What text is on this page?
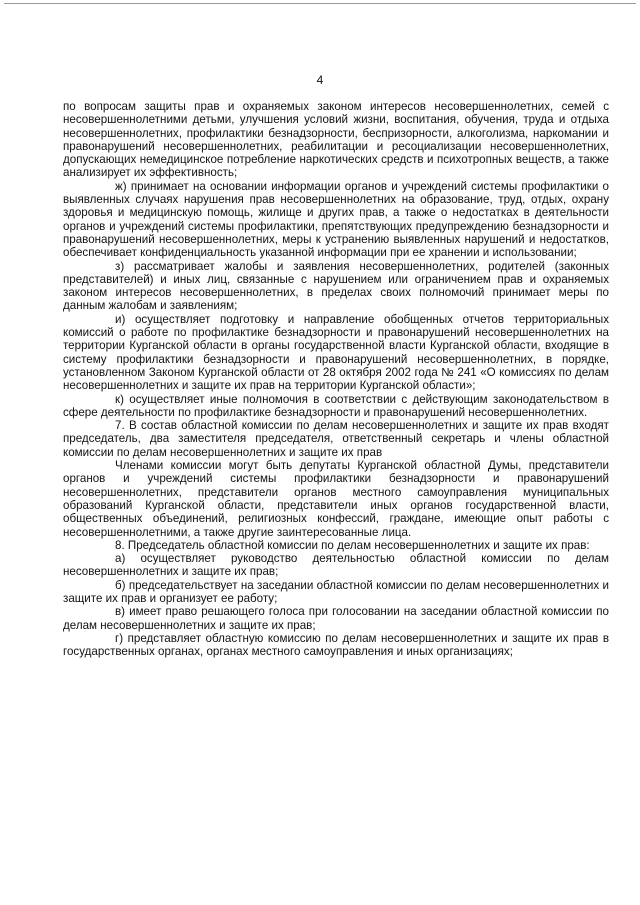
4

по вопросам защиты прав и охраняемых законом интересов несовершеннолетних, семей с несовершеннолетними детьми, улучшения условий жизни, воспитания, обучения, труда и отдыха несовершеннолетних, профилактики безнадзорности, беспризорности, алкоголизма, наркомании и правонарушений несовершеннолетних, реабилитации и ресоциализации несовершеннолетних, допускающих немедицинское потребление наркотических средств и психотропных веществ, а также анализирует их эффективность;

ж) принимает на основании информации органов и учреждений системы профилактики о выявленных случаях нарушения прав несовершеннолетних на образование, труд, отдых, охрану здоровья и медицинскую помощь, жилище и других прав, а также о недостатках в деятельности органов и учреждений системы профилактики, препятствующих предупреждению безнадзорности и правонарушений несовершеннолетних, меры к устранению выявленных нарушений и недостатков, обеспечивает конфиденциальность указанной информации при ее хранении и использовании;

з) рассматривает жалобы и заявления несовершеннолетних, родителей (законных представителей) и иных лиц, связанные с нарушением или ограничением прав и охраняемых законом интересов несовершеннолетних, в пределах своих полномочий принимает меры по данным жалобам и заявлениям;

и) осуществляет подготовку и направление обобщенных отчетов территориальных комиссий о работе по профилактике безнадзорности и правонарушений несовершеннолетних на территории Курганской области в органы государственной власти Курганской области, входящие в систему профилактики безнадзорности и правонарушений несовершеннолетних, в порядке, установленном Законом Курганской области от 28 октября 2002 года № 241 «О комиссиях по делам несовершеннолетних и защите их прав на территории Курганской области»;

к) осуществляет иные полномочия в соответствии с действующим законодательством в сфере деятельности по профилактике безнадзорности и правонарушений несовершеннолетних.

7. В состав областной комиссии по делам несовершеннолетних и защите их прав входят председатель, два заместителя председателя, ответственный секретарь и члены областной комиссии по делам несовершеннолетних и защите их прав

Членами комиссии могут быть депутаты Курганской областной Думы, представители органов и учреждений системы профилактики безнадзорности и правонарушений несовершеннолетних, представители органов местного самоуправления муниципальных образований Курганской области, представители иных органов государственной власти, общественных объединений, религиозных конфессий, граждане, имеющие опыт работы с несовершеннолетними, а также другие заинтересованные лица.

8. Председатель областной комиссии по делам несовершеннолетних и защите их прав:

а) осуществляет руководство деятельностью областной комиссии по делам несовершеннолетних и защите их прав;

б) председательствует на заседании областной комиссии по делам несовершеннолетних и защите их прав и организует ее работу;

в) имеет право решающего голоса при голосовании на заседании областной комиссии по делам несовершеннолетних и защите их прав;

г) представляет областную комиссию по делам несовершеннолетних и защите их прав в государственных органах, органах местного самоуправления и иных организациях;
